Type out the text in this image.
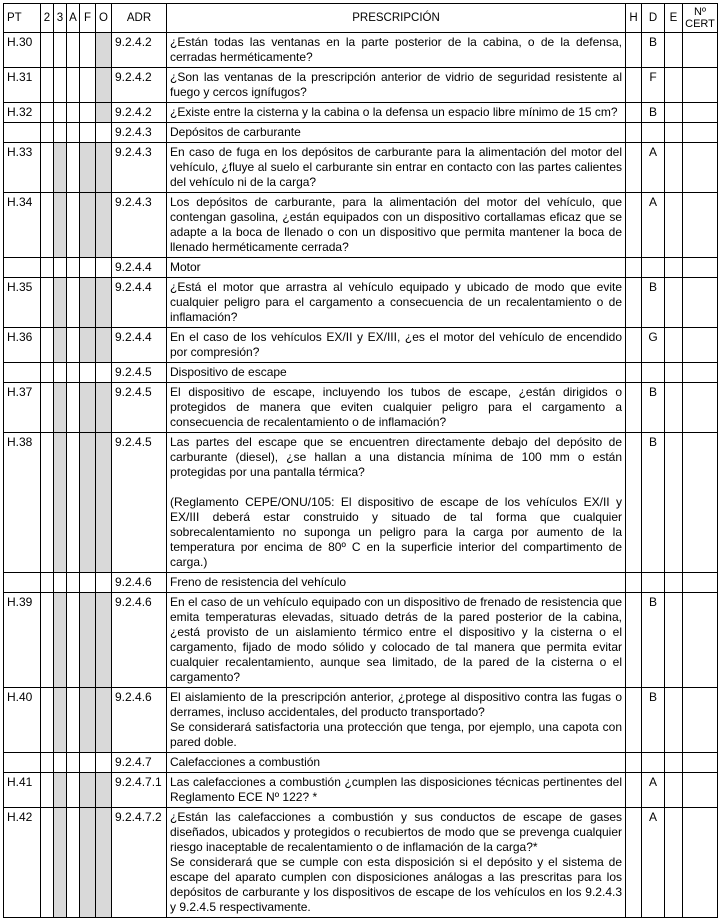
PT	2	3	A	F	O	ADR	PRESCRIPCIÓN	H	D	E	Nº
CERT
H.30						9.2.4.2	¿Están todas las ventanas en la parte posterior de la cabina, o de la defensa, cerradas herméticamente?		B		
H.31						9.2.4.2	¿Son las ventanas de la prescripción anterior de vidrio de seguridad resistente al fuego y cercos ignífugos?		F		
H.32						9.2.4.2	¿Existe entre la cisterna y la cabina o la defensa un espacio libre mínimo de 15 cm?		B		
						9.2.4.3	Depósitos de carburante				

H.33						9.2.4.3	En caso de fuga en los depósitos de carburante para la alimentación del motor del vehículo, ¿fluye al suelo el carburante sin entrar en contacto con las partes calientes del vehículo ni de la carga?		A		
H.34						9.2.4.3	Los depósitos de carburante, para la alimentación del motor del vehículo, que contengan gasolina, ¿están equipados con un dispositivo cortallamas eficaz que se adapte a la boca de llenado o con un dispositivo que permita mantener la boca de llenado herméticamente cerrada?		A		
						9.2.4.4	Motor				

H.35						9.2.4.4	¿Está el motor que arrastra al vehículo equipado y ubicado de modo que evite cualquier peligro para el cargamento a consecuencia de un recalentamiento o de inflamación?		B		
H.36						9.2.4.4	En el caso de los vehículos EX/II y EX/III, ¿es el motor del vehículo de encendido por compresión?		G		
						9.2.4.5	Dispositivo de escape				

H.37						9.2.4.5	El dispositivo de escape, incluyendo los tubos de escape, ¿están dirigidos o protegidos de manera que eviten cualquier peligro para el cargamento a consecuencia de recalentamiento o de inflamación?		B		
H.38						9.2.4.5	Las partes del escape que se encuentren directamente debajo del depósito de carburante (diesel), ¿se hallan a una distancia mínima de 100 mm o están protegidas por una pantalla térmica?
(Reglamento CEPE/ONU/105: El dispositivo de escape de los vehículos EX/II y EX/III deberá estar construido y situado de tal forma que cualquier sobrecalentamiento no suponga un peligro para la carga por aumento de la temperatura por encima de 80º C en la superficie interior del compartimento de carga.)		B		
						9.2.4.6	Freno de resistencia del vehículo				

H.39						9.2.4.6	En el caso de un vehículo equipado con un dispositivo de frenado de resistencia que emita temperaturas elevadas, situado detrás de la pared posterior de la cabina, ¿está provisto de un aislamiento térmico entre el dispositivo y la cisterna o el cargamento, fijado de modo sólido y colocado de tal manera que permita evitar cualquier recalentamiento, aunque sea limitado, de la pared de la cisterna o el cargamento?		B		
H.40						9.2.4.6	El aislamiento de la prescripción anterior, ¿protege al dispositivo contra las fugas o derrames, incluso accidentales, del producto transportado?
Se considerará satisfactoria una protección que tenga, por ejemplo, una capota con pared doble.		B		
						9.2.4.7	Calefacciones a combustión				

H.41						9.2.4.7.1	Las calefacciones a combustión ¿cumplen las disposiciones técnicas pertinentes del Reglamento ECE Nº 122? *		A		
H.42						9.2.4.7.2	¿Están las calefacciones a combustión y sus conductos de escape de gases diseñados, ubicados y protegidos o recubiertos de modo que se prevenga cualquier riesgo inaceptable de recalentamiento o de inflamación de la carga?*
Se considerará que se cumple con esta disposición si el depósito y el sistema de escape del aparato cumplen con disposiciones análogas a las prescritas para los depósitos de carburante y los dispositivos de escape de los vehículos en los 9.2.4.3 y 9.2.4.5 respectivamente.		A		
